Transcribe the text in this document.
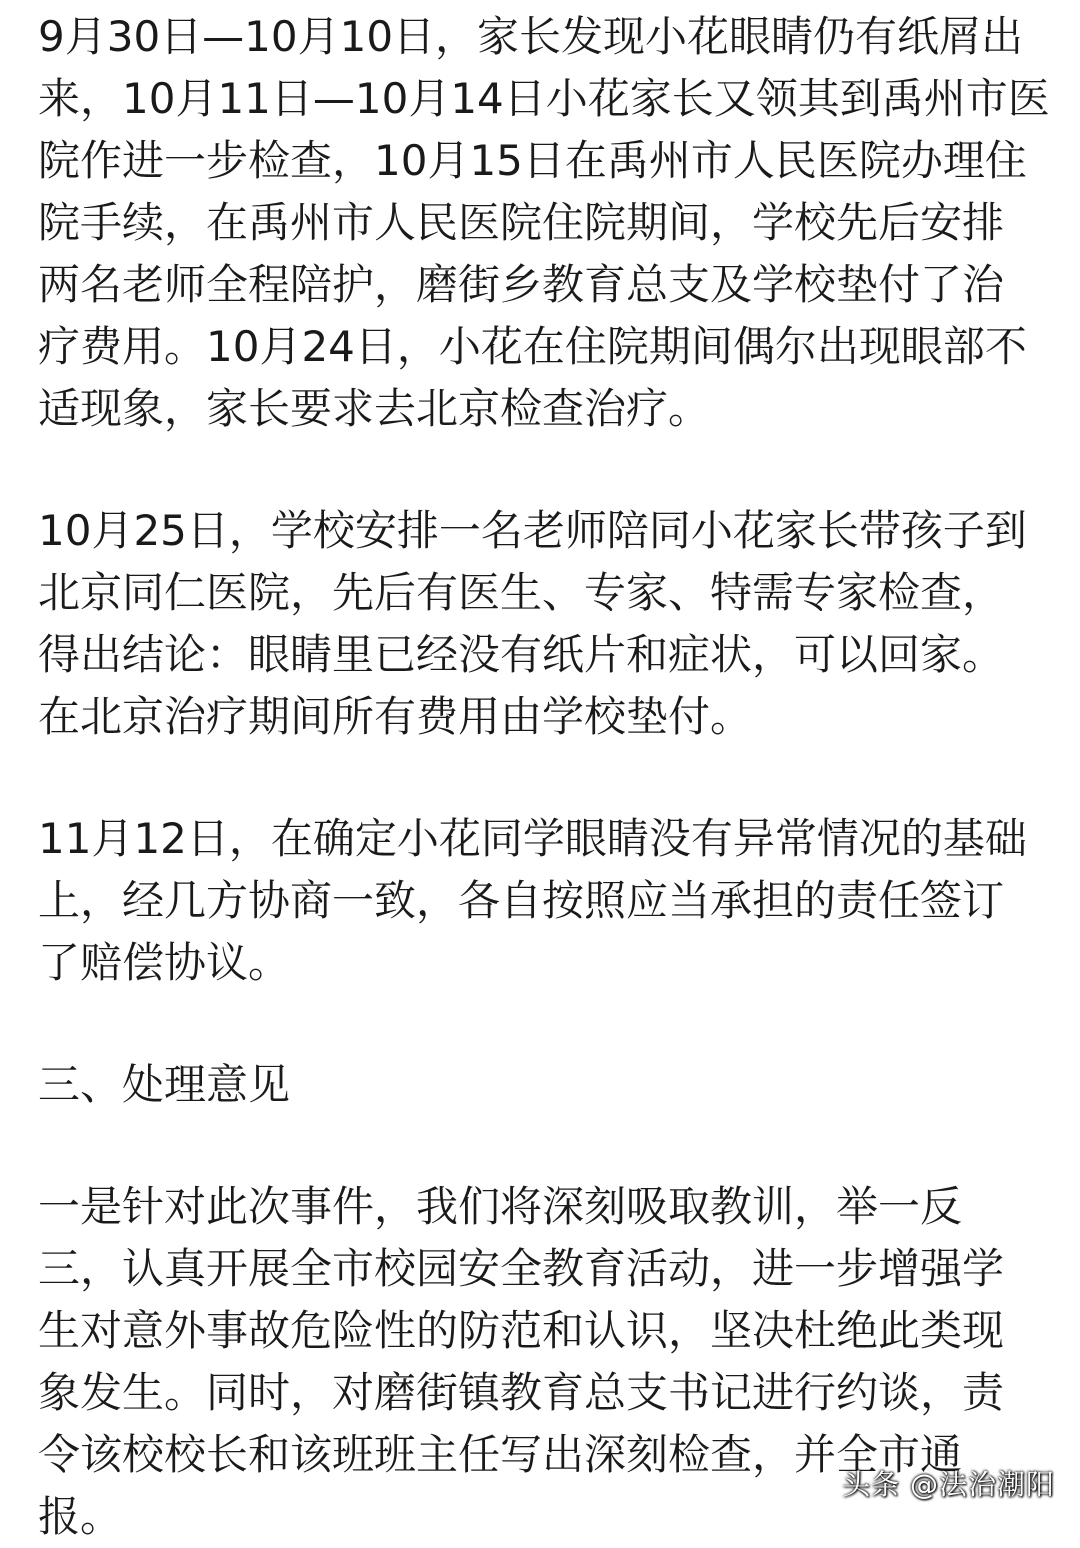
9月30日—10月10日，家长发现小花眼睛仍有纸屑出
来，10月11日—10月14日小花家长又领其到禹州市医
院作进一步检查，10月15日在禹州市人民医院办理住
院手续，在禹州市人民医院住院期间，学校先后安排
两名老师全程陪护，磨街乡教育总支及学校垫付了治
疗费用。10月24日，小花在住院期间偶尔出现眼部不
适现象，家长要求去北京检查治疗。

10月25日，学校安排一名老师陪同小花家长带孩子到
北京同仁医院，先后有医生、专家、特需专家检查，
得出结论：眼睛里已经没有纸片和症状，可以回家。
在北京治疗期间所有费用由学校垫付。

11月12日，在确定小花同学眼睛没有异常情况的基础
上，经几方协商一致，各自按照应当承担的责任签订
了赔偿协议。

三、处理意见

一是针对此次事件，我们将深刻吸取教训，举一反
三，认真开展全市校园安全教育活动，进一步增强学
生对意外事故危险性的防范和认识，坚决杜绝此类现
象发生。同时，对磨街镇教育总支书记进行约谈，责
令该校校长和该班班主任写出深刻检查，并全市通
报。

头条 @法治潮阳
